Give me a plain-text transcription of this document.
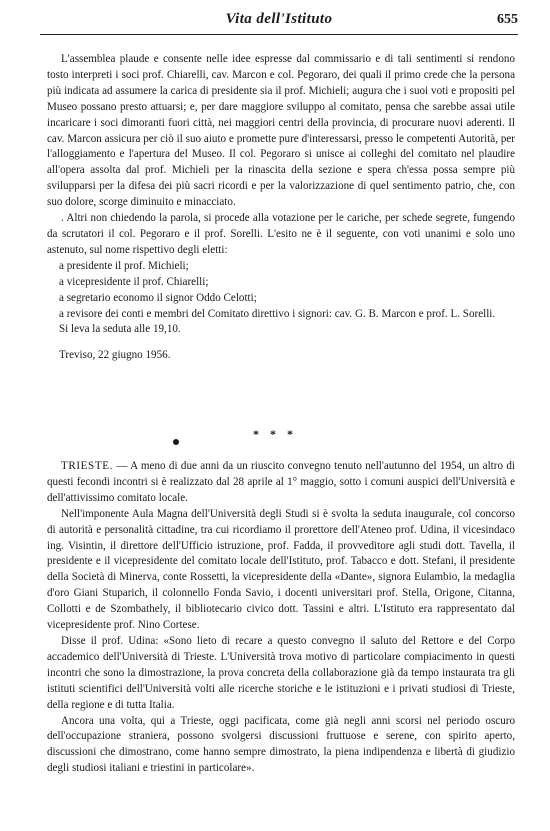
Vita dell'Istituto	655

L'assemblea plaude e consente nelle idee espresse dal commissario e di tali sentimenti si rendono tosto interpreti i soci prof. Chiarelli, cav. Marcon e col. Pegoraro, dei quali il primo crede che la persona più indicata ad assumere la carica di presidente sia il prof. Michieli; augura che i suoi voti e propositi pel Museo possano presto attuarsi; e, per dare maggiore sviluppo al comitato, pensa che sarebbe assai utile incaricare i soci dimoranti fuori città, nei maggiori centri della provincia, di procurare nuovi aderenti. Il cav. Marcon assicura per ciò il suo aiuto e promette pure d'interessarsi, presso le competenti Autorità, per l'alloggiamento e l'apertura del Museo. Il col. Pegoraro si unisce ai colleghi del comitato nel plaudire all'opera assolta dal prof. Michieli per la rinascita della sezione e spera ch'essa possa sempre più svilupparsi per la difesa dei più sacri ricordi e per la valorizzazione di quel sentimento patrio, che, con suo dolore, scorge diminuito e minacciato.

. Altri non chiedendo la parola, si procede alla votazione per le cariche, per schede segrete, fungendo da scrutatori il col. Pegoraro e il prof. Sorelli. L'esito ne è il seguente, con voti unanimi e solo uno astenuto, sul nome rispettivo degli eletti:

a presidente il prof. Michieli;

a vicepresidente il prof. Chiarelli;

a segretario economo il signor Oddo Celotti;

a revisore dei conti e membri del Comitato direttivo i signori: cav. G. B. Marcon e prof. L. Sorelli.

Si leva la seduta alle 19,10.

Treviso, 22 giugno 1956.

* * *

TRIESTE. — A meno di due anni da un riuscito convegno tenuto nell'autunno del 1954, un altro di questi fecondi incontri si è realizzato dal 28 aprile al 1° maggio, sotto i comuni auspici dell'Università e dell'attivissimo comitato locale.

Nell'imponente Aula Magna dell'Università degli Studi si è svolta la seduta inaugurale, col concorso di autorità e personalità cittadine, tra cui ricordiamo il prorettore dell'Ateneo prof. Udina, il vicesindaco ing. Visintin, il direttore dell'Ufficio istruzione, prof. Fadda, il provveditore agli studi dott. Tavella, il presidente e il vicepresidente del comitato locale dell'Istituto, prof. Tabacco e dott. Stefani, il presidente della Società di Minerva, conte Rossetti, la vicepresidente della «Dante», signora Eulambio, la medaglia d'oro Giani Stuparich, il colonnello Fonda Savio, i docenti universitari prof. Stella, Origone, Citanna, Collotti e de Szombathely, il bibliotecario civico dott. Tassini e altri. L'Istituto era rappresentato dal vicepresidente prof. Nino Cortese.

Disse il prof. Udina: «Sono lieto di recare a questo convegno il saluto del Rettore e del Corpo accademico dell'Università di Trieste. L'Università trova motivo di particolare compiacimento in questi incontri che sono la dimostrazione, la prova concreta della collaborazione già da tempo instaurata tra gli istituti scientifici dell'Università volti alle ricerche storiche e le istituzioni e i privati studiosi di Trieste, della regione e di tutta Italia.

Ancora una volta, qui a Trieste, oggi pacificata, come già negli anni scorsi nel periodo oscuro dell'occupazione straniera, possono svolgersi discussioni fruttuose e serene, con spirito aperto, discussioni che dimostrano, come hanno sempre dimostrato, la piena indipendenza e libertà di giudizio degli studiosi italiani e triestini in particolare».
